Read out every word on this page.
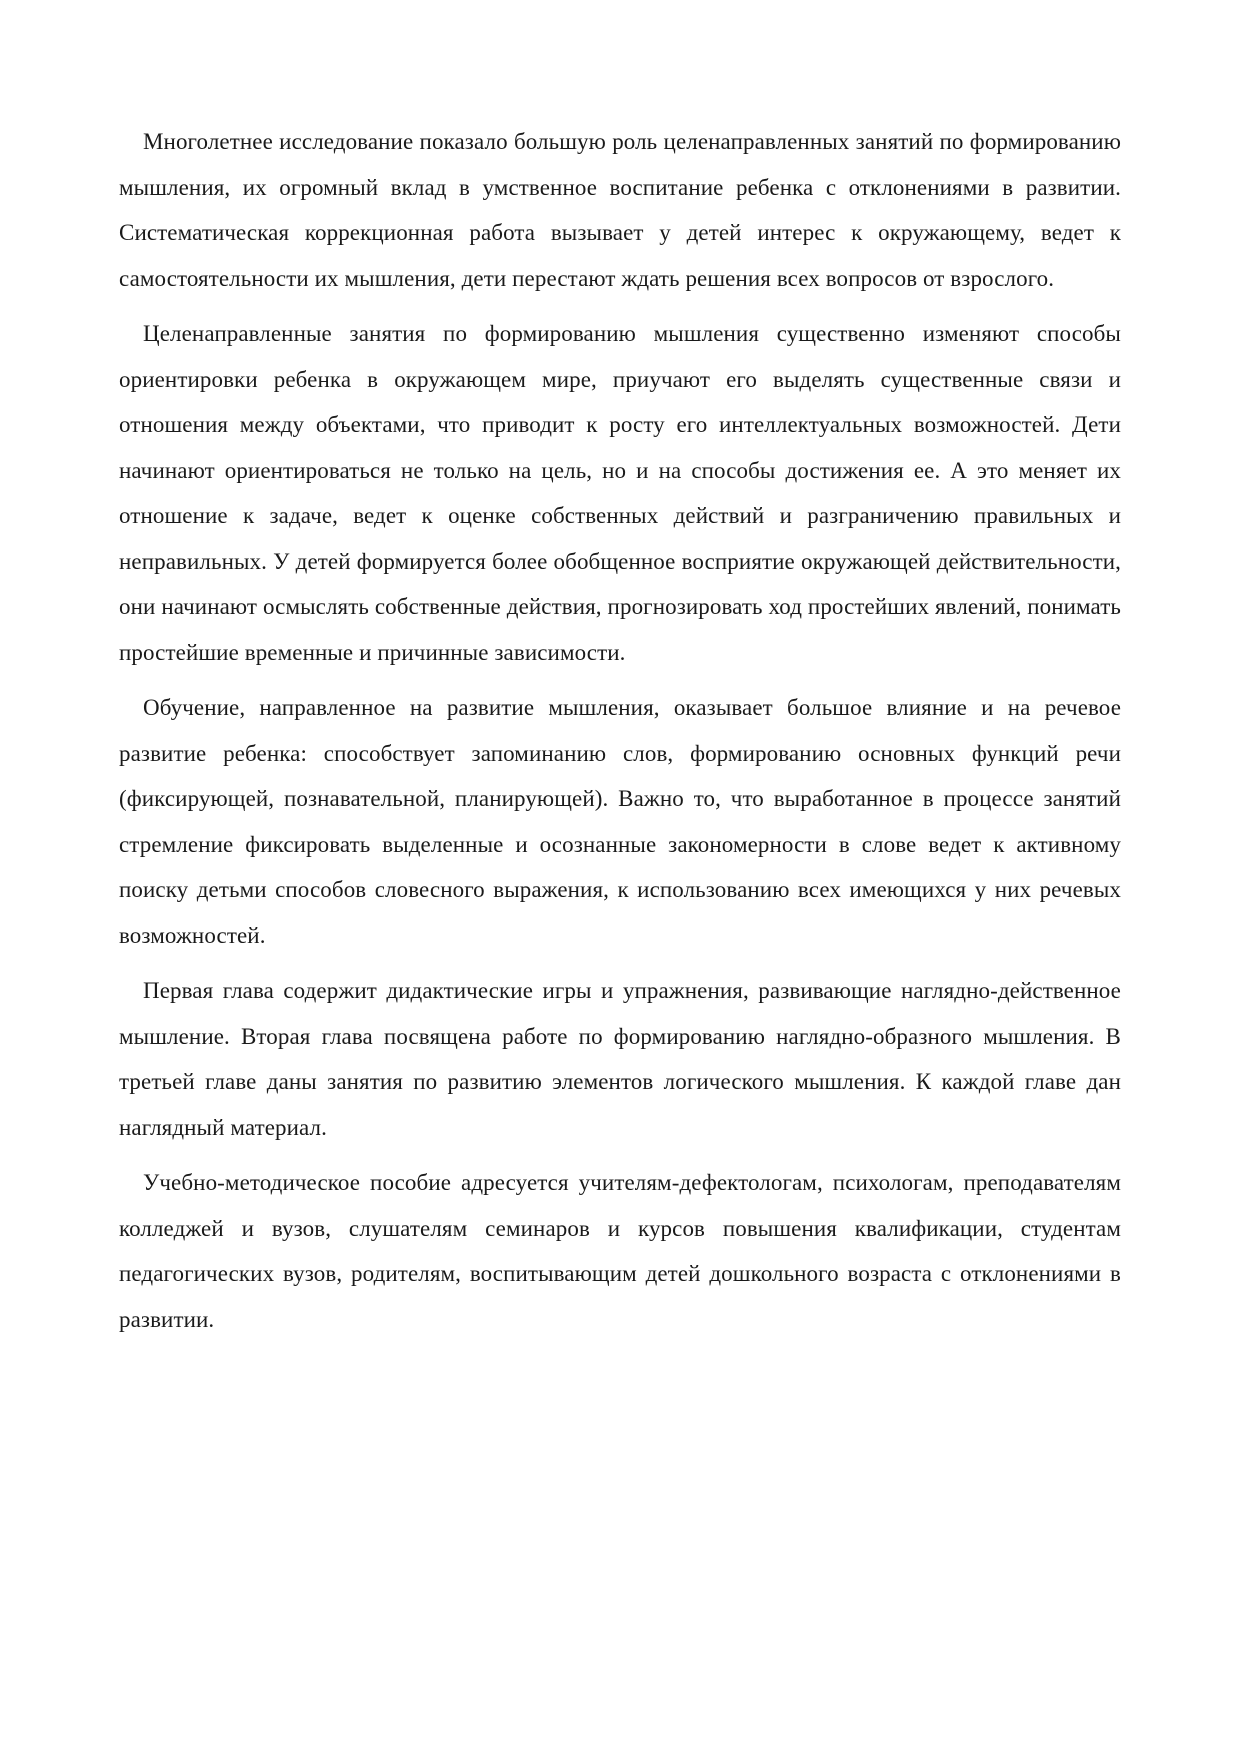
Многолетнее исследование показало большую роль целенаправленных занятий по формированию мышления, их огромный вклад в умственное воспитание ребенка с отклонениями в развитии. Систематическая коррекционная работа вызывает у детей интерес к окружающему, ведет к самостоятельности их мышления, дети перестают ждать решения всех вопросов от взрослого.

Целенаправленные занятия по формированию мышления существенно изменяют способы ориентировки ребенка в окружающем мире, приучают его выделять существенные связи и отношения между объектами, что приводит к росту его интеллектуальных возможностей. Дети начинают ориентироваться не только на цель, но и на способы достижения ее. А это меняет их отношение к задаче, ведет к оценке собственных действий и разграничению правильных и неправильных. У детей формируется более обобщенное восприятие окружающей действительности, они начинают осмыслять собственные действия, прогнозировать ход простейших явлений, понимать простейшие временные и причинные зависимости.

Обучение, направленное на развитие мышления, оказывает большое влияние и на речевое развитие ребенка: способствует запоминанию слов, формированию основных функций речи (фиксирующей, познавательной, планирующей). Важно то, что выработанное в процессе занятий стремление фиксировать выделенные и осознанные закономерности в слове ведет к активному поиску детьми способов словесного выражения, к использованию всех имеющихся у них речевых возможностей.

Первая глава содержит дидактические игры и упражнения, развивающие наглядно-действенное мышление. Вторая глава посвящена работе по формированию наглядно-образного мышления. В третьей главе даны занятия по развитию элементов логического мышления. К каждой главе дан наглядный материал.

Учебно-методическое пособие адресуется учителям-дефектологам, психологам, преподавателям колледжей и вузов, слушателям семинаров и курсов повышения квалификации, студентам педагогических вузов, родителям, воспитывающим детей дошкольного возраста с отклонениями в развитии.
